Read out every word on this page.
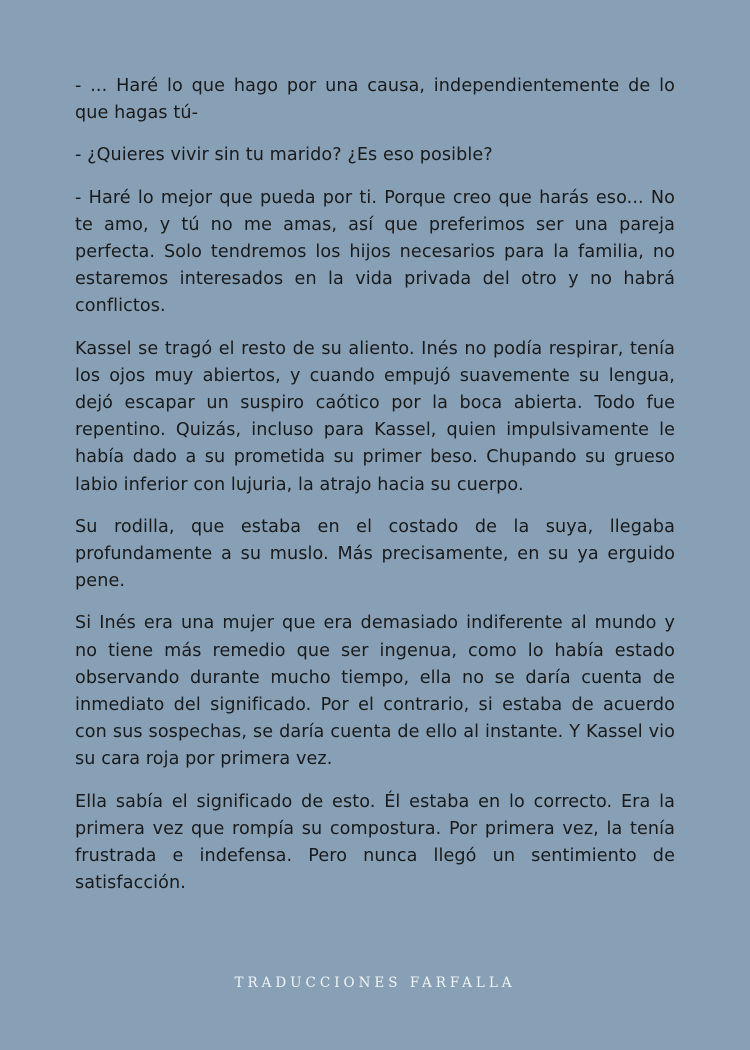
- ... Haré lo que hago por una causa, independientemente de lo que hagas tú-

- ¿Quieres vivir sin tu marido? ¿Es eso posible?

- Haré lo mejor que pueda por ti. Porque creo que harás eso... No te amo, y tú no me amas, así que preferimos ser una pareja perfecta. Solo tendremos los hijos necesarios para la familia, no estaremos interesados en la vida privada del otro y no habrá conflictos.

Kassel se tragó el resto de su aliento. Inés no podía respirar, tenía los ojos muy abiertos, y cuando empujó suavemente su lengua, dejó escapar un suspiro caótico por la boca abierta. Todo fue repentino. Quizás, incluso para Kassel, quien impulsivamente le había dado a su prometida su primer beso. Chupando su grueso labio inferior con lujuria, la atrajo hacia su cuerpo.

Su rodilla, que estaba en el costado de la suya, llegaba profundamente a su muslo. Más precisamente, en su ya erguido pene.

Si Inés era una mujer que era demasiado indiferente al mundo y no tiene más remedio que ser ingenua, como lo había estado observando durante mucho tiempo, ella no se daría cuenta de inmediato del significado. Por el contrario, si estaba de acuerdo con sus sospechas, se daría cuenta de ello al instante. Y Kassel vio su cara roja por primera vez.

Ella sabía el significado de esto. Él estaba en lo correcto. Era la primera vez que rompía su compostura. Por primera vez, la tenía frustrada e indefensa. Pero nunca llegó un sentimiento de satisfacción.

TRADUCCIONES FARFALLA
